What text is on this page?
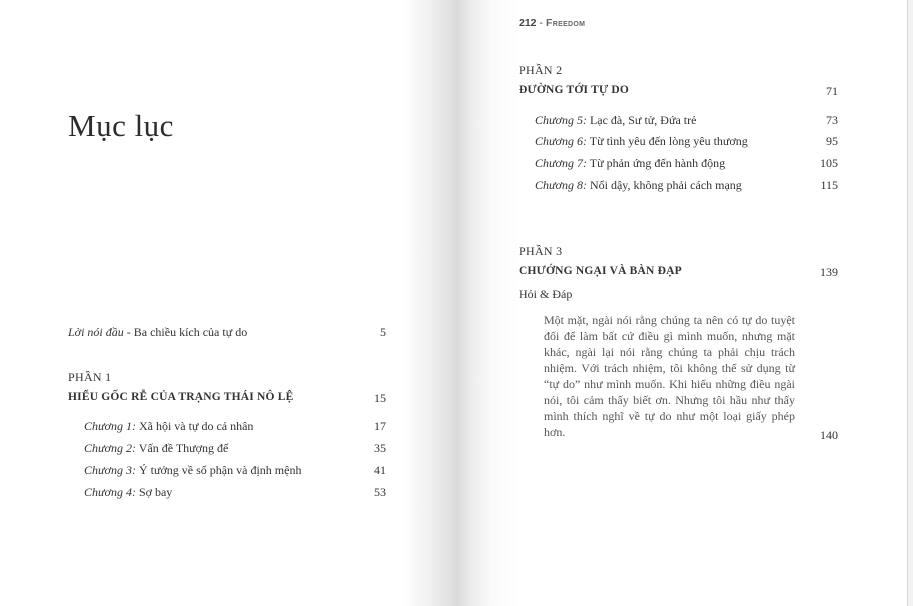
212 - Freedom
Mục lục
Lời nói đầu - Ba chiều kích của tự do	5
PHẦN 1
HIỂU GỐC RỄ CỦA TRẠNG THÁI NÔ LỆ	15
Chương 1: Xã hội và tự do cá nhân	17
Chương 2: Vấn đề Thượng đế	35
Chương 3: Ý tưởng về số phận và định mệnh	41
Chương 4: Sợ bay	53
PHẦN 2
ĐƯỜNG TỚI TỰ DO	71
Chương 5: Lạc đà, Sư tử, Đứa trẻ	73
Chương 6: Từ tình yêu đến lòng yêu thương	95
Chương 7: Từ phản ứng đến hành động	105
Chương 8: Nổi dậy, không phải cách mạng	115
PHẦN 3
CHƯỚNG NGẠI VÀ BÀN ĐẠP	139
Hỏi & Đáp
Một mặt, ngài nói rằng chúng ta nên có tự do tuyệt đối để làm bất cứ điều gì mình muốn, nhưng mặt khác, ngài lại nói rằng chúng ta phải chịu trách nhiệm. Với trách nhiệm, tôi không thể sử dụng từ “tự do” như mình muốn. Khi hiểu những điều ngài nói, tôi cảm thấy biết ơn. Nhưng tôi hầu như thấy mình thích nghĩ về tự do như một loại giấy phép hơn.	140
